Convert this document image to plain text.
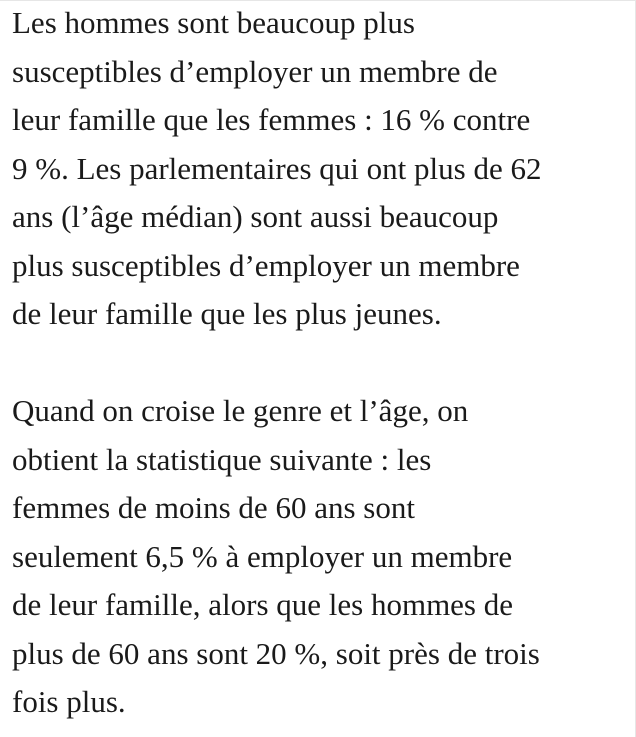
Les hommes sont beaucoup plus
susceptibles d’employer un membre de
leur famille que les femmes : 16 % contre
9 %. Les parlementaires qui ont plus de 62
ans (l’âge médian) sont aussi beaucoup
plus susceptibles d’employer un membre
de leur famille que les plus jeunes.
Quand on croise le genre et l’âge, on
obtient la statistique suivante : les
femmes de moins de 60 ans sont
seulement 6,5 % à employer un membre
de leur famille, alors que les hommes de
plus de 60 ans sont 20 %, soit près de trois
fois plus.
